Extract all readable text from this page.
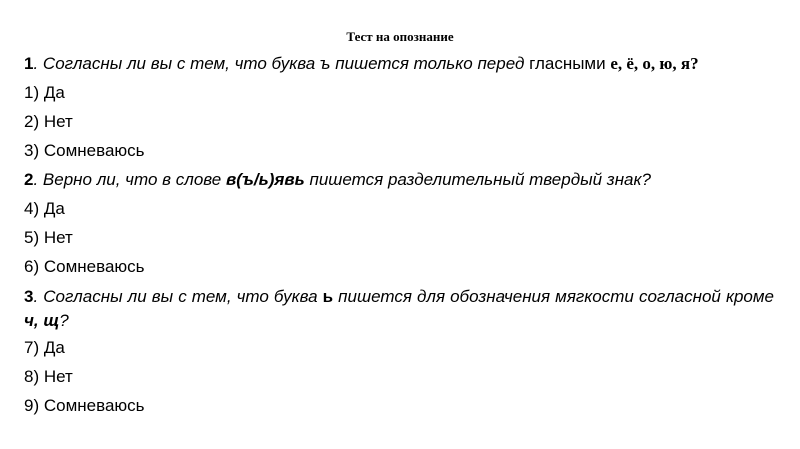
Тест на опознание
1. Согласны ли вы с тем, что буква ъ пишется только перед гласными е, ё, о, ю, я?
1) Да
2) Нет
3) Сомневаюсь
2. Верно ли, что в слове в(ъ/ь)явь пишется разделительный твердый знак?
4) Да
5) Нет
6) Сомневаюсь
3. Согласны ли вы с тем, что буква ь пишется для обозначения мягкости согласной кроме ч, щ?
7) Да
8) Нет
9) Сомневаюсь
